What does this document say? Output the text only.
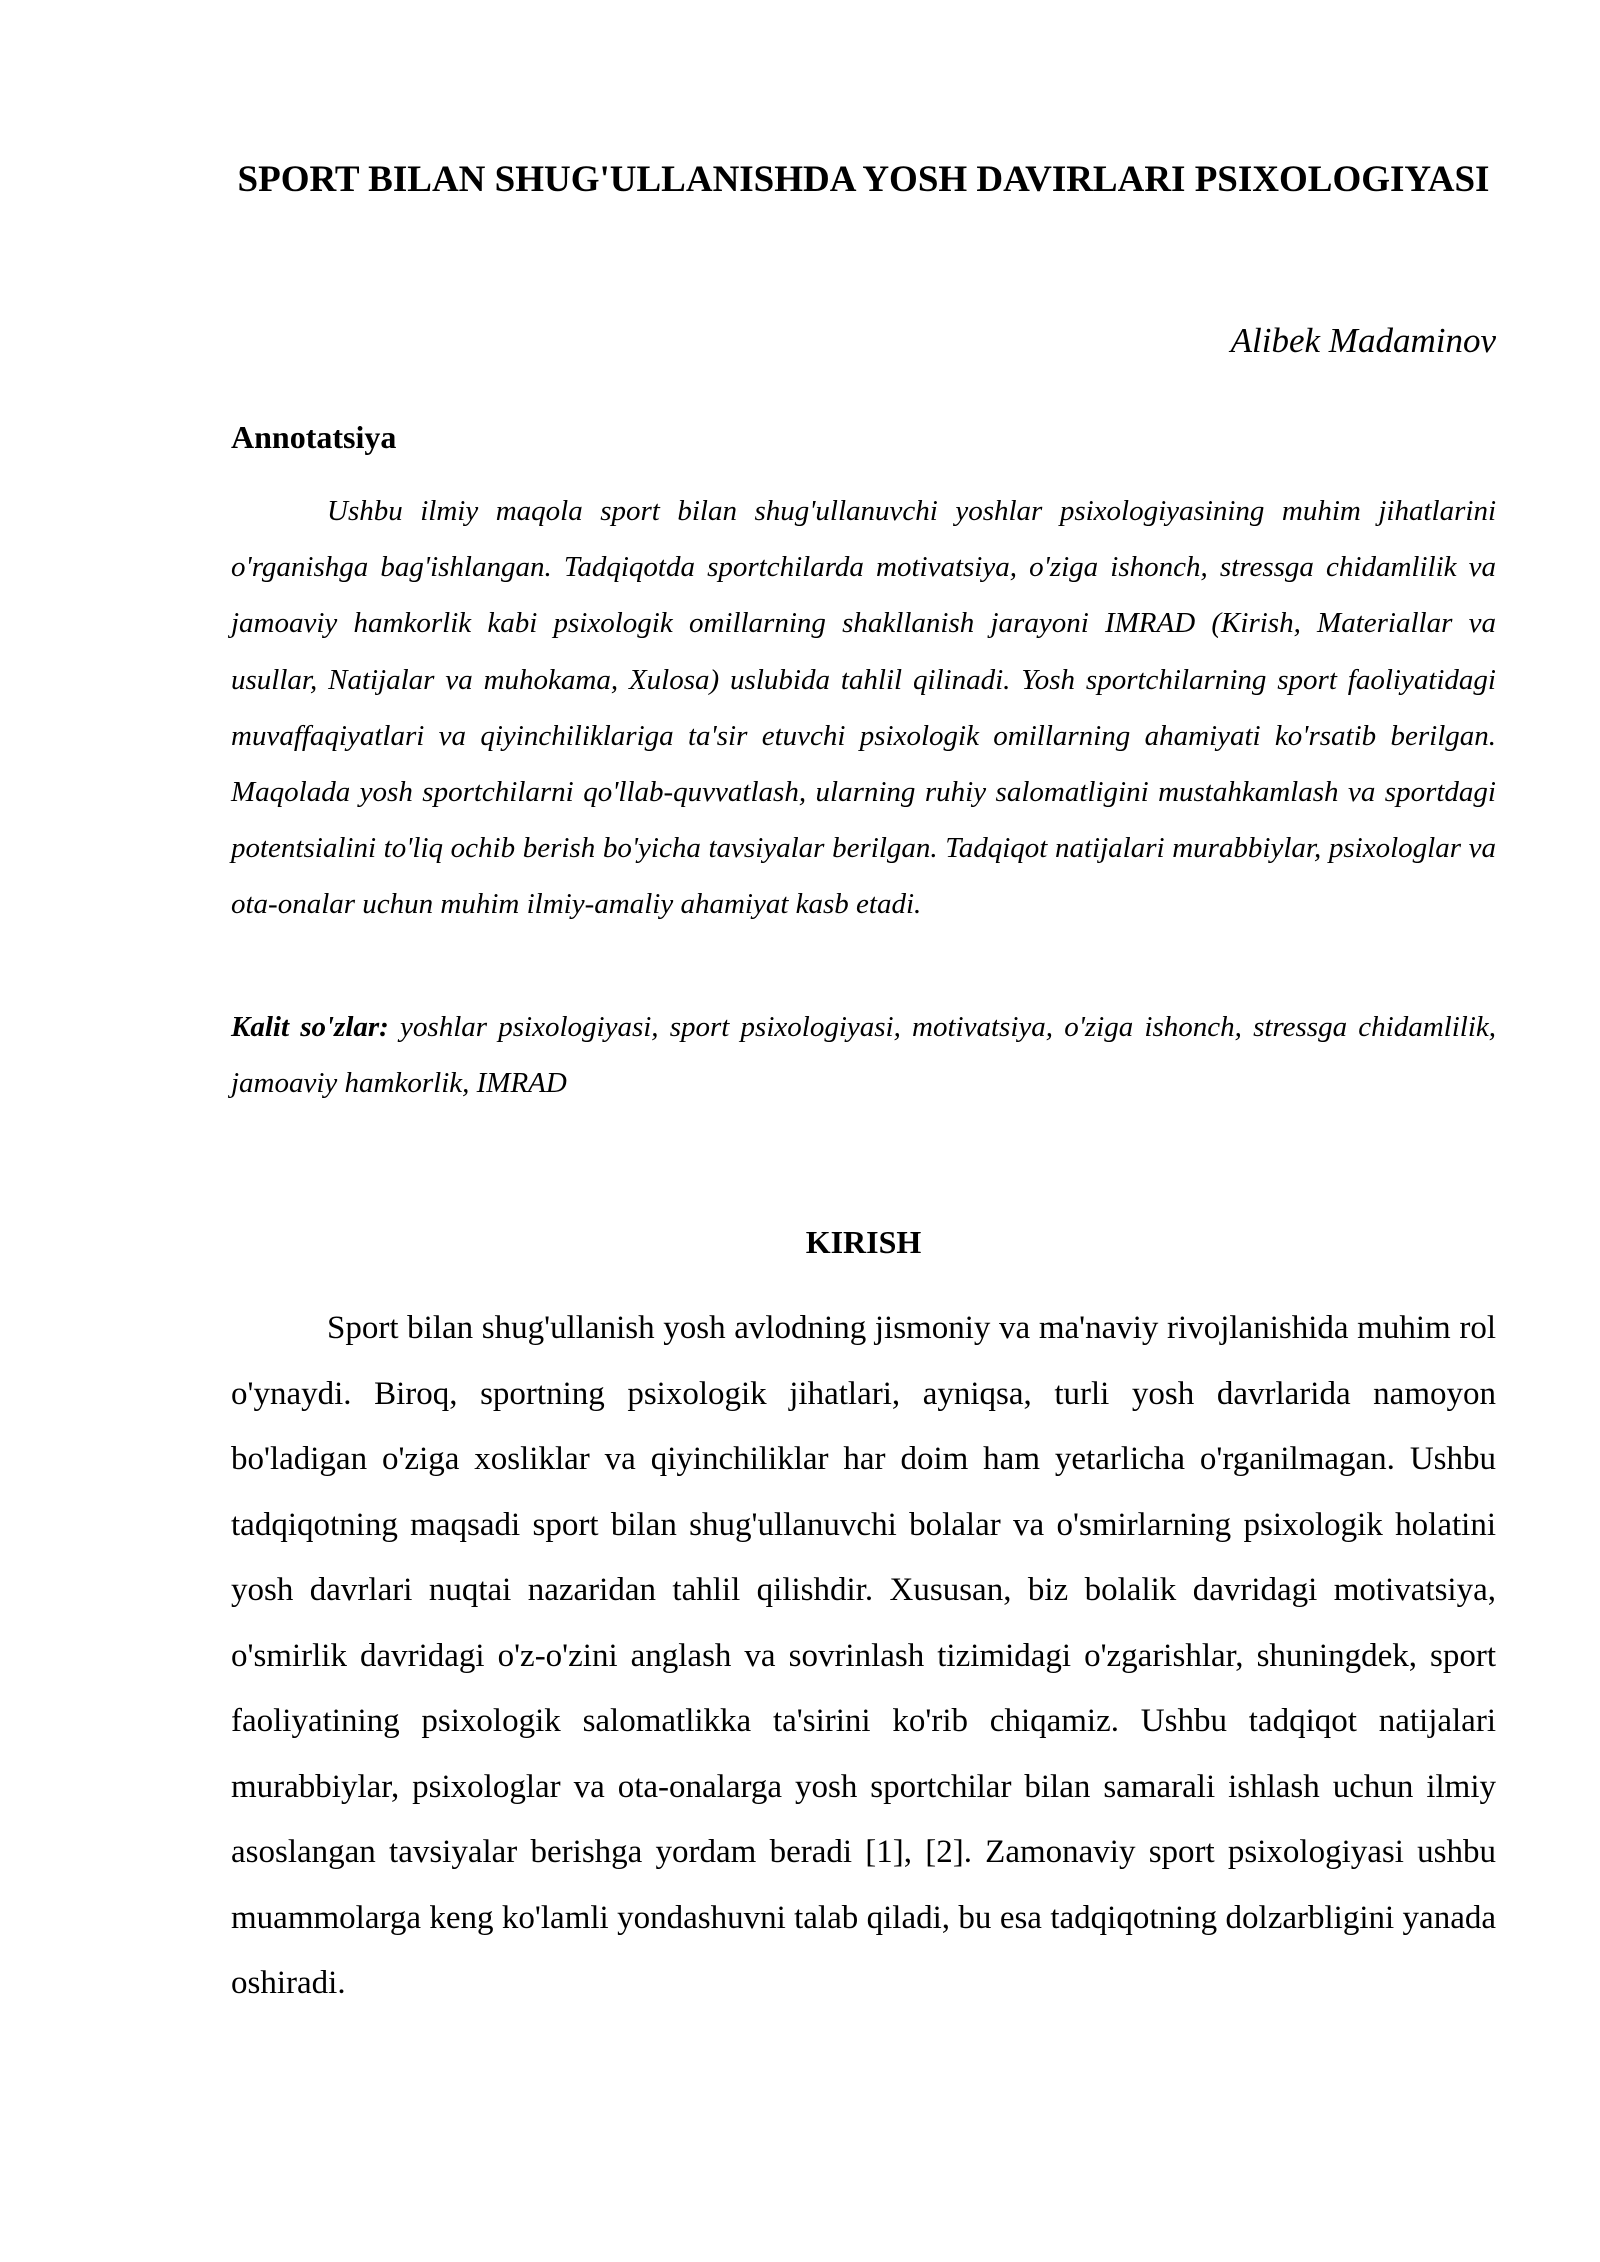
SPORT BILAN SHUG'ULLANISHDA YOSH DAVIRLARI PSIXOLOGIYASI

Alibek Madaminov

Annotatsiya

Ushbu ilmiy maqola sport bilan shug'ullanuvchi yoshlar psixologiyasining muhim jihatlarini o'rganishga bag'ishlangan. Tadqiqotda sportchilarda motivatsiya, o'ziga ishonch, stressga chidamlilik va jamoaviy hamkorlik kabi psixologik omillarning shakllanish jarayoni IMRAD (Kirish, Materiallar va usullar, Natijalar va muhokama, Xulosa) uslubida tahlil qilinadi. Yosh sportchilarning sport faoliyatidagi muvaffaqiyatlari va qiyinchiliklariga ta'sir etuvchi psixologik omillarning ahamiyati ko'rsatib berilgan. Maqolada yosh sportchilarni qo'llab-quvvatlash, ularning ruhiy salomatligini mustahkamlash va sportdagi potentsialini to'liq ochib berish bo'yicha tavsiyalar berilgan. Tadqiqot natijalari murabbiylar, psixologlar va ota-onalar uchun muhim ilmiy-amaliy ahamiyat kasb etadi.

Kalit so'zlar: yoshlar psixologiyasi, sport psixologiyasi, motivatsiya, o'ziga ishonch, stressga chidamlilik, jamoaviy hamkorlik, IMRAD

KIRISH

Sport bilan shug'ullanish yosh avlodning jismoniy va ma'naviy rivojlanishida muhim rol o'ynaydi. Biroq, sportning psixologik jihatlari, ayniqsa, turli yosh davrlarida namoyon bo'ladigan o'ziga xosliklar va qiyinchiliklar har doim ham yetarlicha o'rganilmagan. Ushbu tadqiqotning maqsadi sport bilan shug'ullanuvchi bolalar va o'smirlarning psixologik holatini yosh davrlari nuqtai nazaridan tahlil qilishdir. Xususan, biz bolalik davridagi motivatsiya, o'smirlik davridagi o'z-o'zini anglash va sovrinlash tizimidagi o'zgarishlar, shuningdek, sport faoliyatining psixologik salomatlikka ta'sirini ko'rib chiqamiz. Ushbu tadqiqot natijalari murabbiylar, psixologlar va ota-onalarga yosh sportchilar bilan samarali ishlash uchun ilmiy asoslangan tavsiyalar berishga yordam beradi [1], [2]. Zamonaviy sport psixologiyasi ushbu muammolarga keng ko'lamli yondashuvni talab qiladi, bu esa tadqiqotning dolzarbligini yanada oshiradi.
